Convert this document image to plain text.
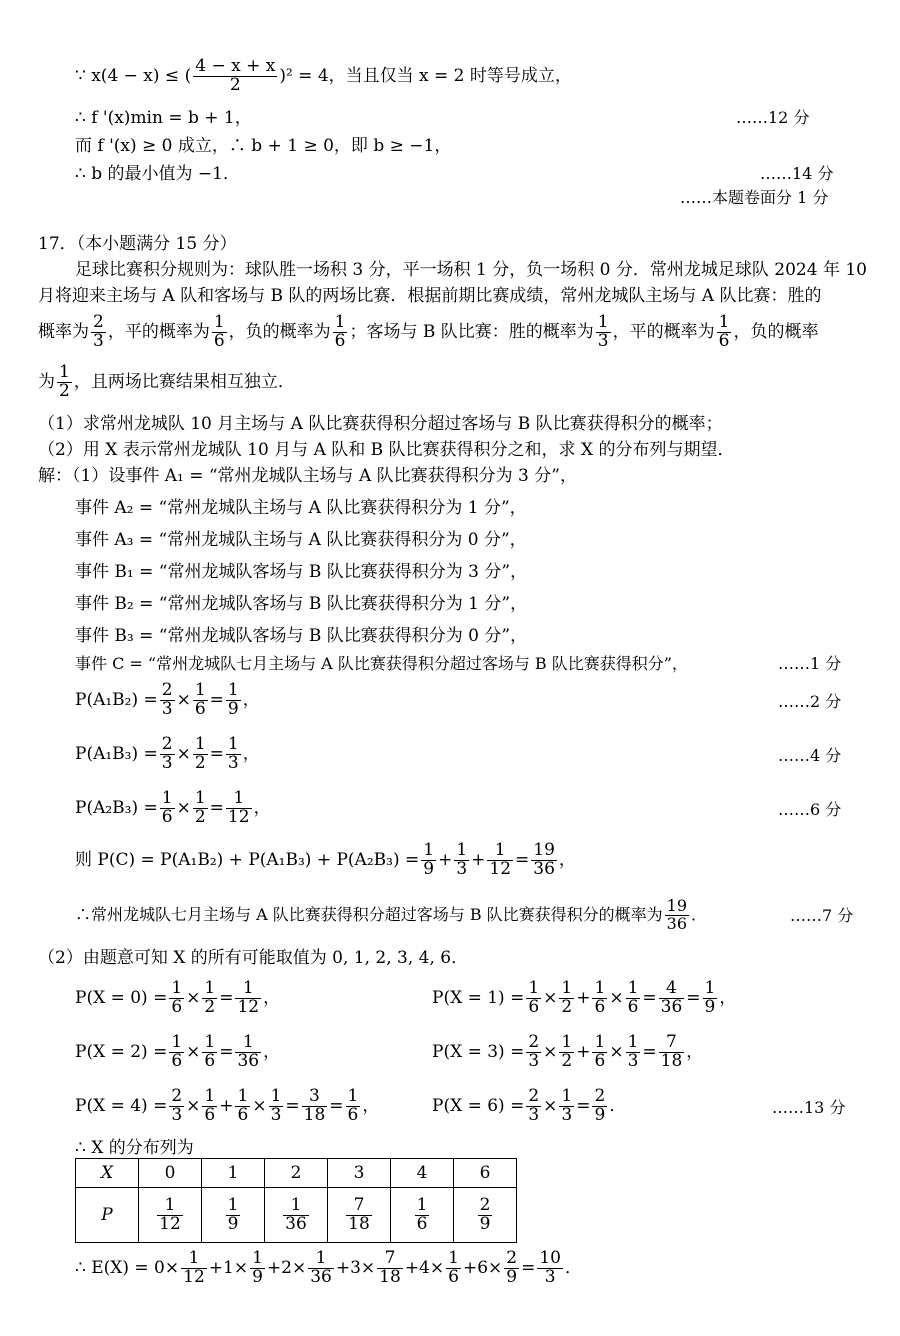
∵ x(4 − x) ≤ ( $\frac{4 - x + x}{2} )^2 = 4$，当且仅当 x = 2 时等号成立，
∴ f '(x)min = b + 1，	……12 分
而 f '(x) ≥ 0 成立，∴ b + 1 ≥ 0，即 b ≥ −1，
∴ b 的最小值为 −1．	……14 分
……本题卷面分 1 分
17．（本小题满分 15 分）
足球比赛积分规则为：球队胜一场积 3 分，平一场积 1 分，负一场积 0 分．常州龙城足球队 2024 年 10
月将迎来主场与 A 队和客场与 B 队的两场比赛．根据前期比赛成绩，常州龙城队主场与 A 队比赛：胜的
概率为 $\frac{2}{3}$ ，平的概率为 $\frac{1}{6}$ ，负的概率为 $\frac{1}{6}$ ；客场与 B 队比赛：胜的概率为 $\frac{1}{3}$ ，平的概率为 $\frac{1}{6}$ ，负的概率
为 $\frac{1}{2}$ ，且两场比赛结果相互独立．
（1）求常州龙城队 10 月主场与 A 队比赛获得积分超过客场与 B 队比赛获得积分的概率；
（2）用 X 表示常州龙城队 10 月与 A 队和 B 队比赛获得积分之和，求 X 的分布列与期望．
解：（1）设事件 A₁ = “常州龙城队主场与 A 队比赛获得积分为 3 分”，
事件 A₂ = “常州龙城队主场与 A 队比赛获得积分为 1 分”，
事件 A₃ = “常州龙城队主场与 A 队比赛获得积分为 0 分”，
事件 B₁ = “常州龙城队客场与 B 队比赛获得积分为 3 分”，
事件 B₂ = “常州龙城队客场与 B 队比赛获得积分为 1 分”，
事件 B₃ = “常州龙城队客场与 B 队比赛获得积分为 0 分”，
事件 C = “常州龙城队七月主场与 A 队比赛获得积分超过客场与 B 队比赛获得积分”，	……1 分
$P(A_1B_2) = \frac{2}{3} \times \frac{1}{6} = \frac{1}{9}$ ，	……2 分
$P(A_1B_3) = \frac{2}{3} \times \frac{1}{2} = \frac{1}{3}$ ，	……4 分
$P(A_2B_3) = \frac{1}{6} \times \frac{1}{2} = \frac{1}{12}$ ，	……6 分
则 $P(C) = P(A_1B_2) + P(A_1B_3) + P(A_2B_3) = \frac{1}{9} + \frac{1}{3} + \frac{1}{12} = \frac{19}{36}$ ，
∴常州龙城队七月主场与 A 队比赛获得积分超过客场与 B 队比赛获得积分的概率为 $\frac{19}{36}$ ．	……7 分
（2）由题意可知 X 的所有可能取值为 0, 1, 2, 3, 4, 6．
$P(X = 0) = \frac{1}{6} \times \frac{1}{2} = \frac{1}{12}$ ，	$P(X = 1) = \frac{1}{6} \times \frac{1}{2} + \frac{1}{6} \times \frac{1}{6} = \frac{4}{36} = \frac{1}{9}$ ，
$P(X = 2) = \frac{1}{6} \times \frac{1}{6} = \frac{1}{36}$ ，	$P(X = 3) = \frac{2}{3} \times \frac{1}{2} + \frac{1}{6} \times \frac{1}{3} = \frac{7}{18}$ ，
$P(X = 4) = \frac{2}{3} \times \frac{1}{6} + \frac{1}{6} \times \frac{1}{3} = \frac{3}{18} = \frac{1}{6}$ ，	$P(X = 6) = \frac{2}{3} \times \frac{1}{3} = \frac{2}{9}$ ．	……13 分
∴ X 的分布列为
X	0	1	2	3	4	6
P	$\frac{1}{12}$	$\frac{1}{9}$	$\frac{1}{36}$	$\frac{7}{18}$	$\frac{1}{6}$	$\frac{2}{9}$
∴ $E(X) = 0\times \frac{1}{12} +1\times \frac{1}{9} +2\times \frac{1}{36} +3\times \frac{7}{18} +4\times \frac{1}{6} +6\times \frac{2}{9} = \frac{10}{3}$ ．
